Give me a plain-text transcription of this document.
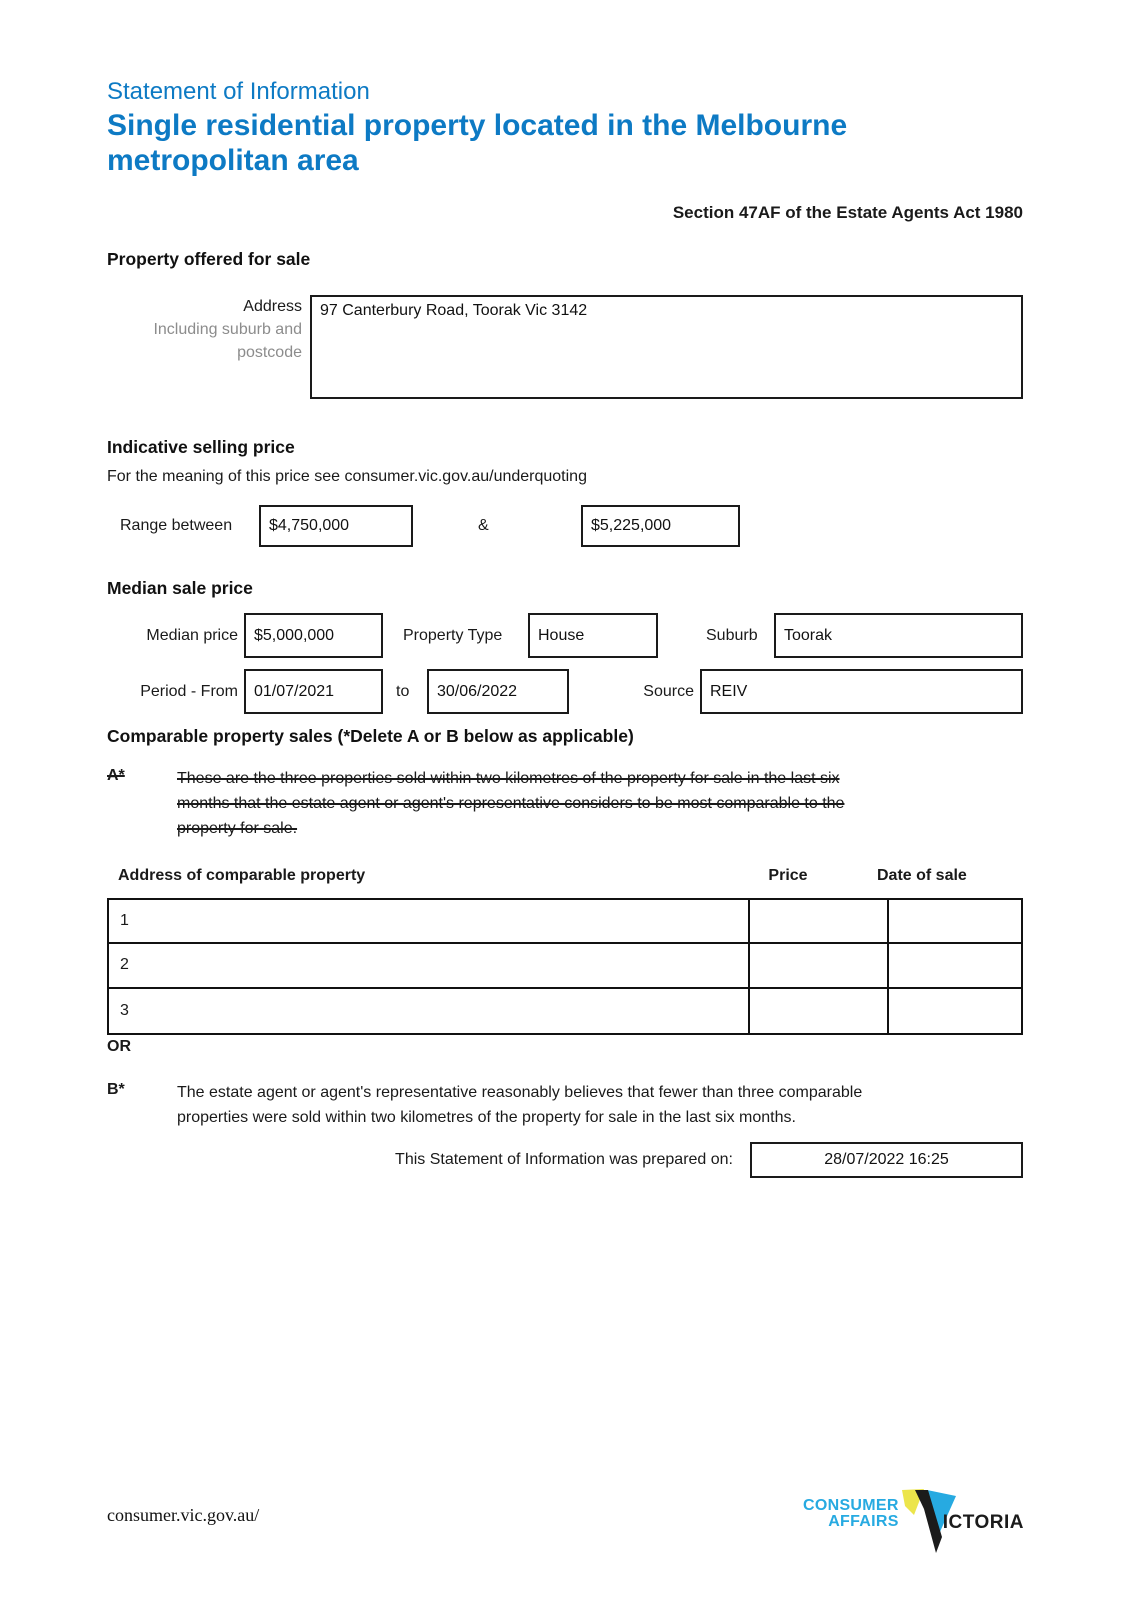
Statement of Information
Single residential property located in the Melbourne
metropolitan area
Section 47AF of the Estate Agents Act 1980
Property offered for sale
Address
Including suburb and
postcode
97 Canterbury Road, Toorak Vic 3142
Indicative selling price
For the meaning of this price see consumer.vic.gov.au/underquoting
Range between $4,750,000	&	$5,225,000
Median sale price
Median price $5,000,000	Property Type House	Suburb Toorak
Period - From 01/07/2021	to 30/06/2022	Source REIV
Comparable property sales (*Delete A or B below as applicable)
A*	These are the three properties sold within two kilometres of the property for sale in the last six
months that the estate agent or agent's representative considers to be most comparable to the
property for sale.
Address of comparable property	Price	Date of sale
1
2
3
OR
B*	The estate agent or agent's representative reasonably believes that fewer than three comparable
properties were sold within two kilometres of the property for sale in the last six months.
This Statement of Information was prepared on:	28/07/2022 16:25
consumer.vic.gov.au/	CONSUMER
AFFAIRS ICTORIA
